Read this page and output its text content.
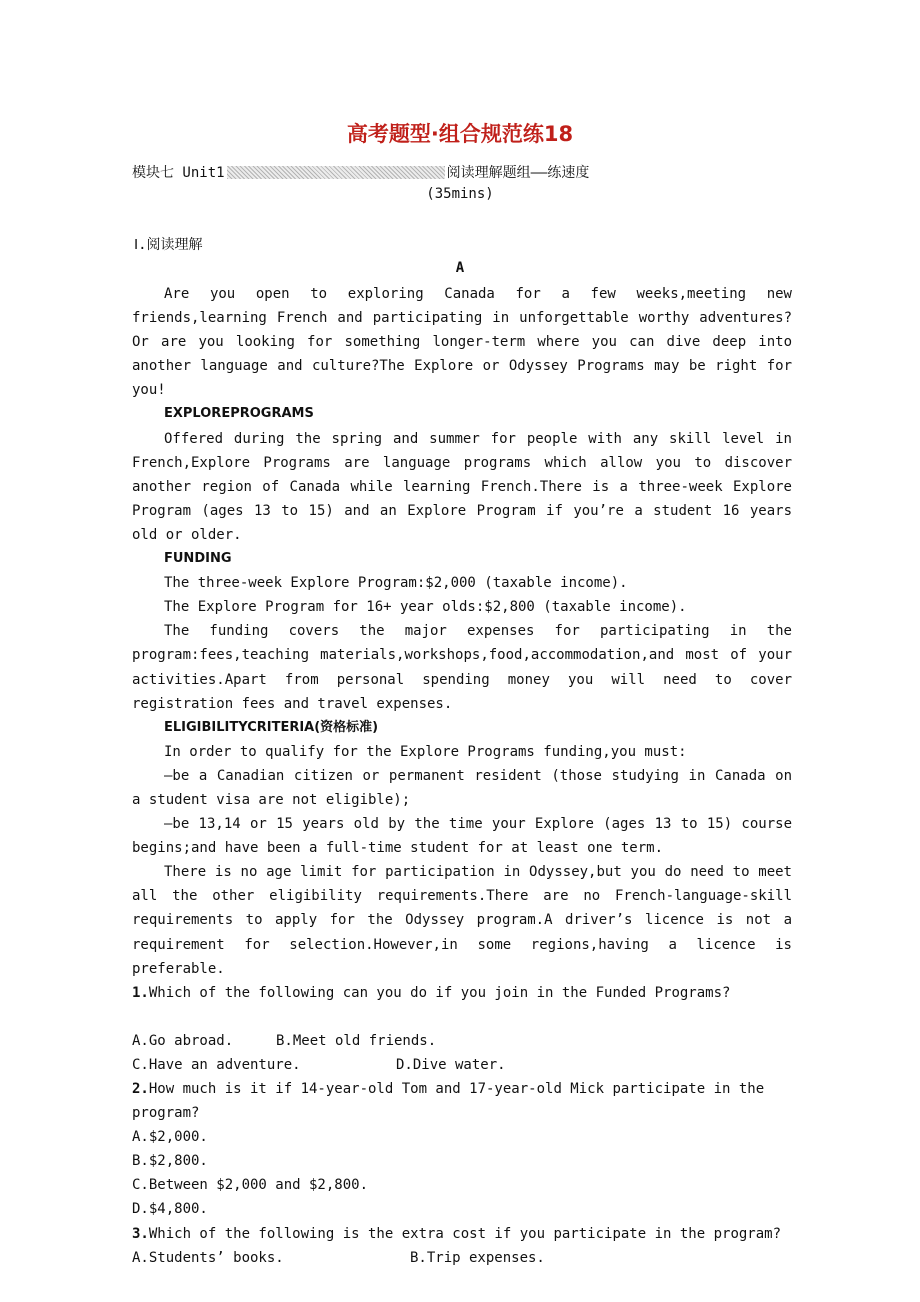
高考题型·组合规范练18
模块七 Unit1	阅读理解题组——练速度
(35mins)
Ⅰ.阅读理解
A

Are you open to exploring Canada for a few weeks,meeting new friends,learning French and participating in unforgettable worthy adventures?Or are you looking for something longer-term where you can dive deep into another language and culture?The Explore or Odyssey Programs may be right for you!

EXPLOREPROGRAMS

Offered during the spring and summer for people with any skill level in French,Explore Programs are language programs which allow you to discover another region of Canada while learning French.There is a three-week Explore Program (ages 13 to 15) and an Explore Program if you’re a student 16 years old or older.

FUNDING

The three-week Explore Program:$2,000 (taxable income).

The Explore Program for 16+ year olds:$2,800 (taxable income).

The funding covers the major expenses for participating in the program:fees,teaching materials,workshops,food,accommodation,and most of your activities.Apart from personal spending money you will need to cover registration fees and travel expenses.

ELIGIBILITYCRITERIA(资格标准)

In order to qualify for the Explore Programs funding,you must:

—be a Canadian citizen or permanent resident (those studying in Canada on a student visa are not eligible);

—be 13,14 or 15 years old by the time your Explore (ages 13 to 15) course begins;and have been a full-time student for at least one term.

There is no age limit for participation in Odyssey,but you do need to meet all the other eligibility requirements.There are no French-language-skill requirements to apply for the Odyssey program.A driver’s licence is not a requirement for selection.However,in some regions,having a licence is preferable.

1.Which of the following can you do if you join in the Funded Programs?

A.Go abroad.	B.Meet old friends.
C.Have an adventure.	D.Dive water.

2.How much is it if 14-year-old Tom and 17-year-old Mick participate in the program?

A.$2,000.

B.$2,800.

C.Between $2,000 and $2,800.

D.$4,800.

3.Which of the following is the extra cost if you participate in the program?

A.Students’ books.	B.Trip expenses.
